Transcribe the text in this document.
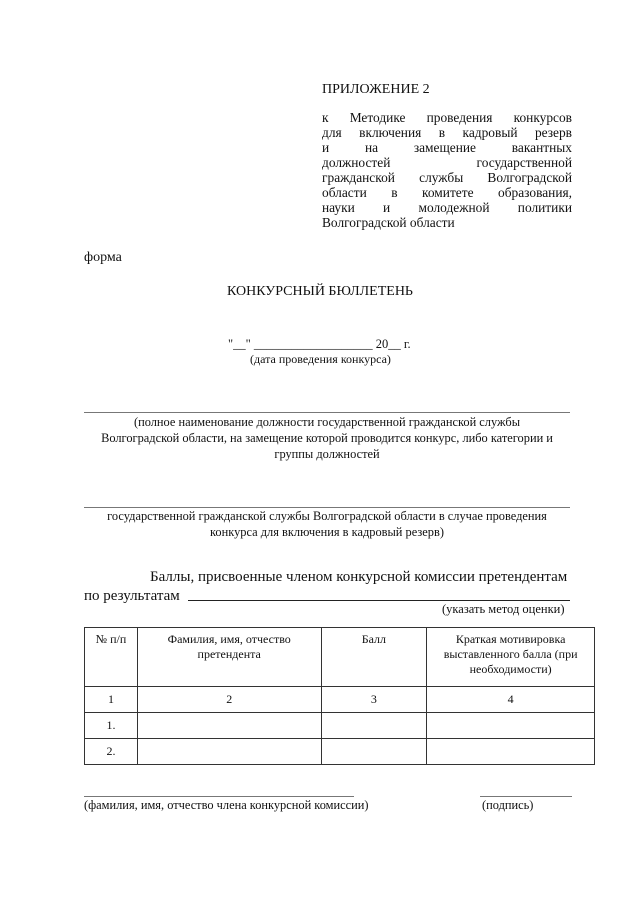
ПРИЛОЖЕНИЕ 2
к Методике проведения конкурсов
для включения в кадровый резерв
и на замещение вакантных
должностей государственной
гражданской службы Волгоградской
области в комитете образования,
науки и молодежной политики
Волгоградской области
форма
КОНКУРСНЫЙ БЮЛЛЕТЕНЬ
"__" ___________________ 20__ г.
(дата проведения конкурса)
(полное наименование должности государственной гражданской службы
Волгоградской области, на замещение которой проводится конкурс, либо категории и
группы должностей
государственной гражданской службы Волгоградской области в случае проведения
конкурса для включения в кадровый резерв)
Баллы, присвоенные членом конкурсной комиссии претендентам
по результатам
(указать метод оценки)
№ п/п	Фамилия, имя, отчество претендента	Балл	Краткая мотивировка выставленного балла (при необходимости)
1	2	3	4
1.			
2.			
(фамилия, имя, отчество члена конкурсной комиссии)	(подпись)
